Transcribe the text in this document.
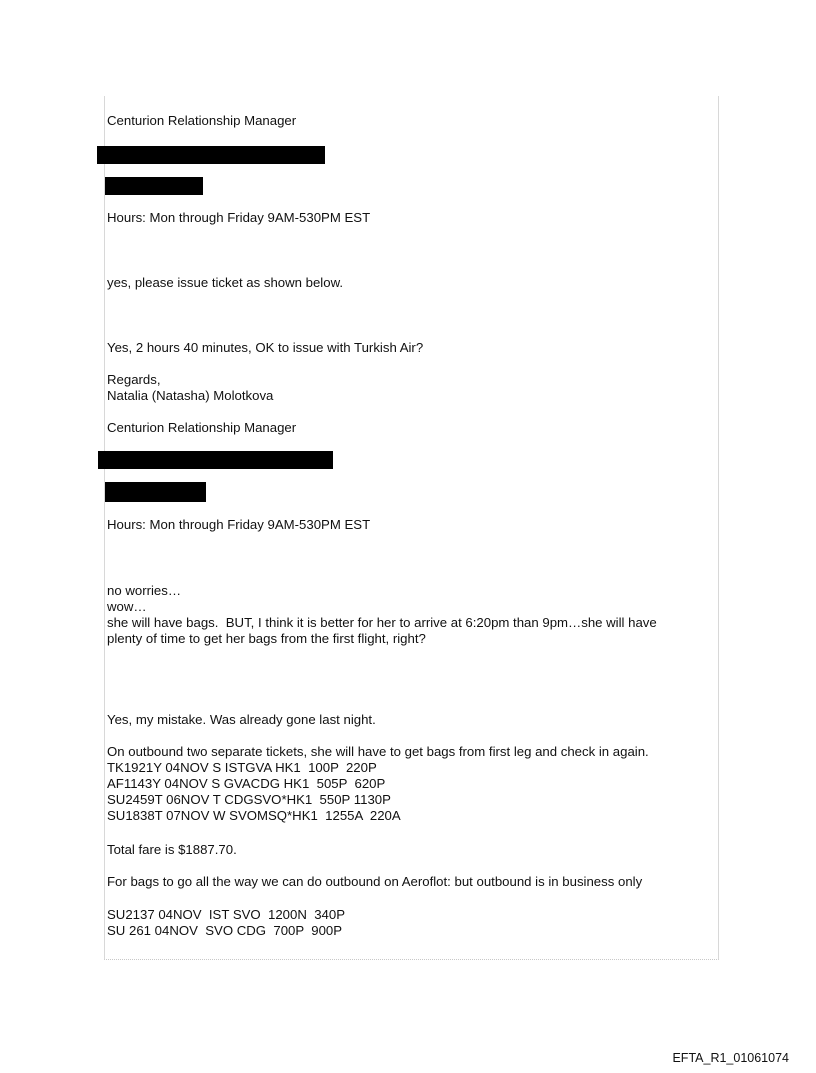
Centurion Relationship Manager

Hours: Mon through Friday 9AM-530PM EST

yes, please issue ticket as shown below.

Yes, 2 hours 40 minutes, OK to issue with Turkish Air?

Regards,

Natalia (Natasha) Molotkova

Centurion Relationship Manager

Hours: Mon through Friday 9AM-530PM EST

no worries…

wow…

she will have bags.  BUT, I think it is better for her to arrive at 6:20pm than 9pm…she will have

plenty of time to get her bags from the first flight, right?

Yes, my mistake. Was already gone last night.

On outbound two separate tickets, she will have to get bags from first leg and check in again.

TK1921Y 04NOV S ISTGVA HK1  100P  220P

AF1143Y 04NOV S GVACDG HK1  505P  620P

SU2459T 06NOV T CDGSVO*HK1  550P 1130P

SU1838T 07NOV W SVOMSQ*HK1  1255A  220A

Total fare is $1887.70.

For bags to go all the way we can do outbound on Aeroflot: but outbound is in business only

SU2137 04NOV  IST SVO  1200N  340P

SU 261 04NOV  SVO CDG  700P  900P

EFTA_R1_01061074
